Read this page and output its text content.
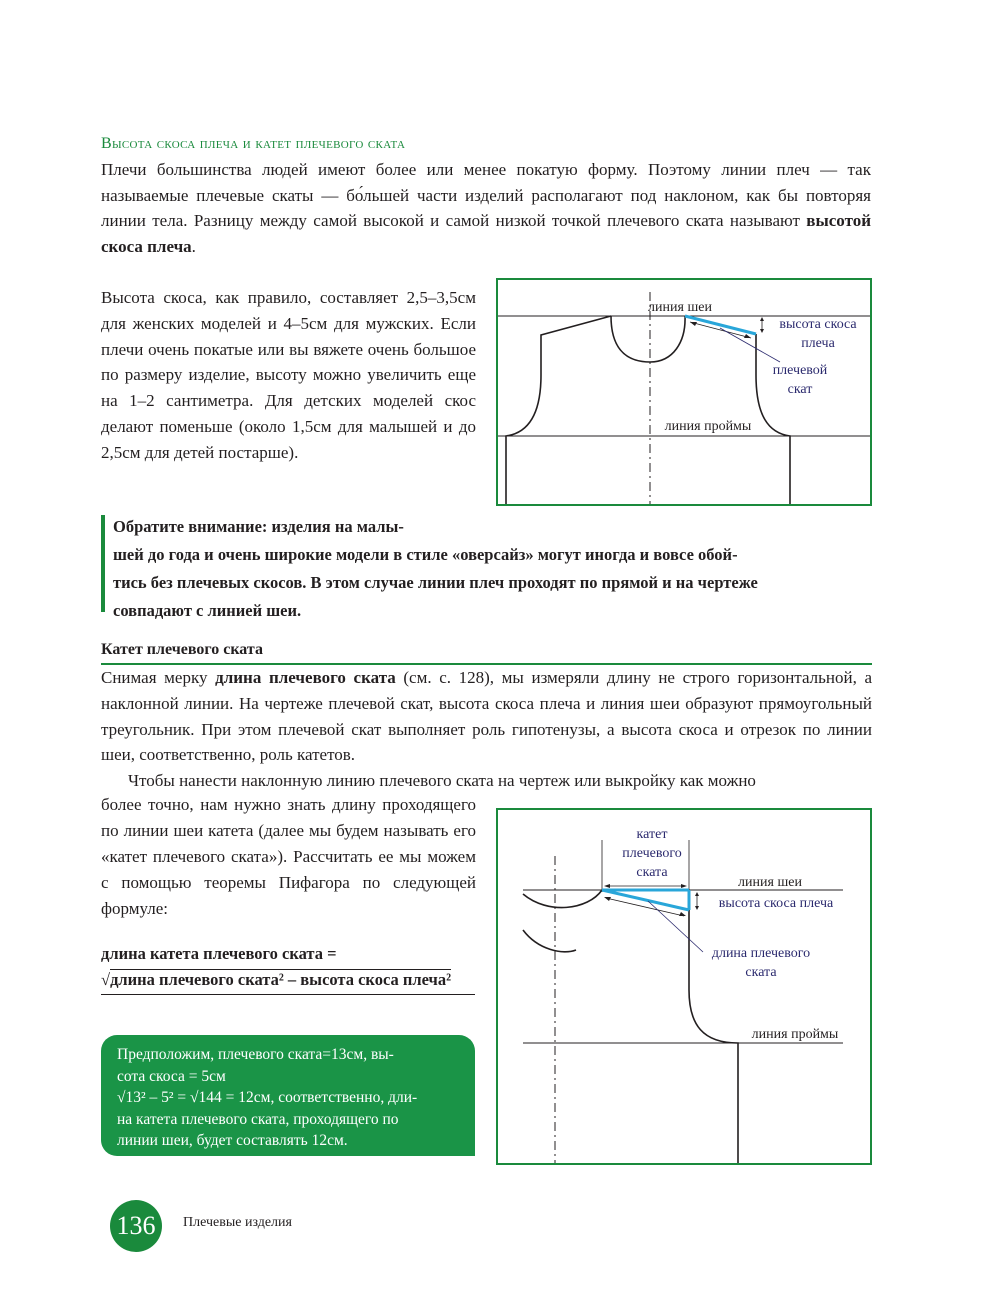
Высота скоса плеча и катет плечевого ската

Плечи большинства людей имеют более или менее покатую форму. Поэтому линии плеч — так называемые плечевые скаты — бо́льшей части изделий располагают под наклоном, как бы повторяя линии тела. Разницу между самой высокой и самой низкой точкой плечевого ската называют высотой скоса плеча.

Высота скоса, как правило, составляет 2,5–3,5см для женских моделей и 4–5см для мужских. Если плечи очень покатые или вы вяжете очень большое по размеру изделие, высоту можно увеличить еще на 1–2 сантиметра. Для детских моделей скос делают поменьше (около 1,5см для малышей и до 2,5см для детей постарше).

линия шеи
высота скоса
плеча
плечевой
скат
линия проймы

Обратите внимание: изделия на малы-

шей до года и очень широкие модели в стиле «оверсайз» могут иногда и вовсе обой-

тись без плечевых скосов. В этом случае линии плеч проходят по прямой и на чертеже

совпадают с линией шеи.

Катет плечевого ската

Снимая мерку длина плечевого ската (см. с. 128), мы измеряли длину не строго горизонтальной, а наклонной линии. На чертеже плечевой скат, высота скоса плеча и линия шеи образуют прямоугольный треугольник. При этом плечевой скат выполняет роль гипотенузы, а высота скоса и отрезок по линии шеи, соответственно, роль катетов.

Чтобы нанести наклонную линию плечевого ската на чертеж или выкройку как можно

более точно, нам нужно знать длину проходящего по линии шеи катета (далее мы будем называть его «катет плечевого ската»). Рассчитать ее мы можем с помощью теоремы Пифагора по следующей формуле:

длина катета плечевого ската =
√длина плечевого ската² – высота скоса плеча²
Предположим, плечевого ската=13см, вы-
сота скоса = 5см
√13² – 5² = √144 = 12см, соответственно, дли-
на катета плечевого ската, проходящего по
линии шеи, будет составлять 12см.
катет
плечевого
ската
линия шеи
высота скоса плеча
длина плечевого
ската
линия проймы
136 Плечевые изделия
